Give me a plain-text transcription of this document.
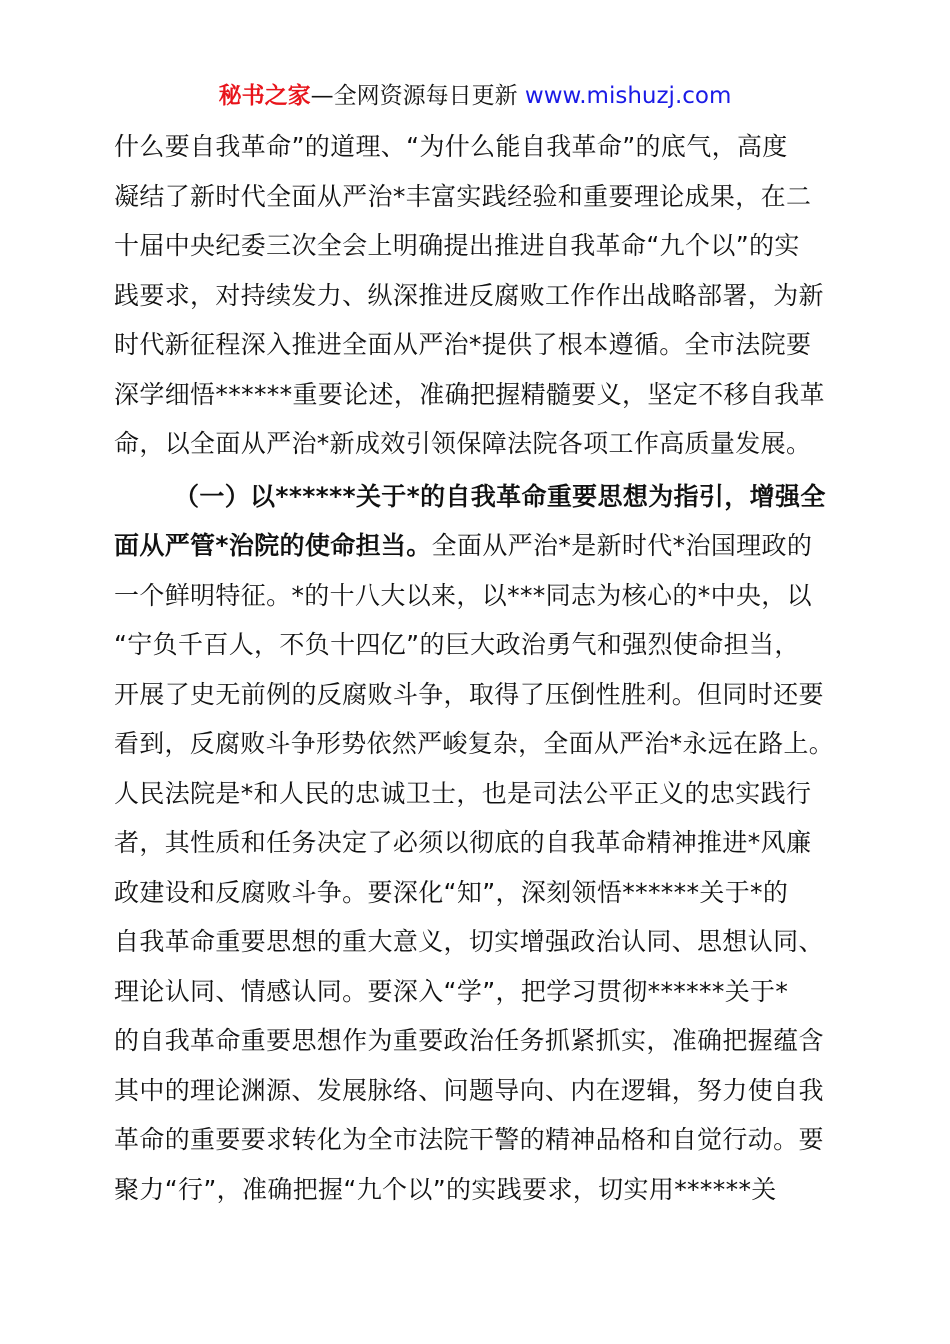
秘书之家—全网资源每日更新 www.mishuzj.com
什么要自我革命”的道理、“为什么能自我革命”的底气，高度
凝结了新时代全面从严治*丰富实践经验和重要理论成果，在二
十届中央纪委三次全会上明确提出推进自我革命“九个以”的实
践要求，对持续发力、纵深推进反腐败工作作出战略部署，为新
时代新征程深入推进全面从严治*提供了根本遵循。全市法院要
深学细悟******重要论述，准确把握精髓要义，坚定不移自我革
命，以全面从严治*新成效引领保障法院各项工作高质量发展。
（一）以******关于*的自我革命重要思想为指引，增强全
面从严管*治院的使命担当。全面从严治*是新时代*治国理政的
一个鲜明特征。*的十八大以来，以***同志为核心的*中央，以
“宁负千百人，不负十四亿”的巨大政治勇气和强烈使命担当，
开展了史无前例的反腐败斗争，取得了压倒性胜利。但同时还要
看到，反腐败斗争形势依然严峻复杂，全面从严治*永远在路上。
人民法院是*和人民的忠诚卫士，也是司法公平正义的忠实践行
者，其性质和任务决定了必须以彻底的自我革命精神推进*风廉
政建设和反腐败斗争。要深化“知”，深刻领悟******关于*的
自我革命重要思想的重大意义，切实增强政治认同、思想认同、
理论认同、情感认同。要深入“学”，把学习贯彻******关于*
的自我革命重要思想作为重要政治任务抓紧抓实，准确把握蕴含
其中的理论渊源、发展脉络、问题导向、内在逻辑，努力使自我
革命的重要要求转化为全市法院干警的精神品格和自觉行动。要
聚力“行”，准确把握“九个以”的实践要求，切实用******关
